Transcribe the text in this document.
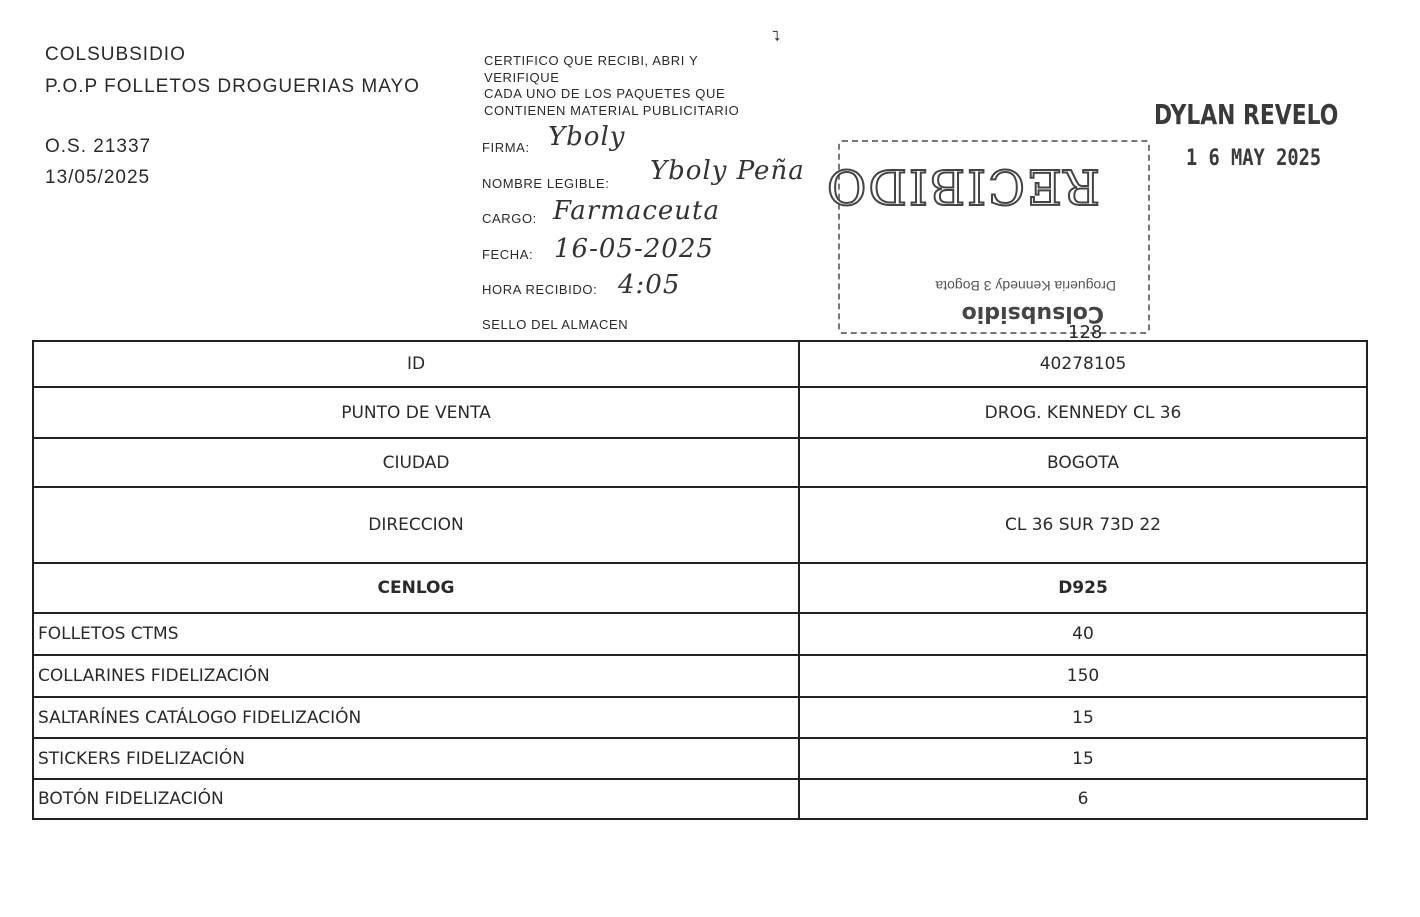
COLSUBSIDIO
P.O.P FOLLETOS DROGUERIAS MAYO
O.S. 21337
13/05/2025
CERTIFICO QUE RECIBI, ABRI Y
VERIFIQUE
CADA UNO DE LOS PAQUETES QUE
CONTIENEN MATERIAL PUBLICITARIO
FIRMA: Yboly
NOMBRE LEGIBLE: Yboly Peña
CARGO: Farmaceuta
FECHA: 16-05-2025
HORA RECIBIDO: 4:05
SELLO DEL ALMACEN	Colsubsidio
Drogueria Kennedy 3 Bogota
RECIBIDO
DYLAN REVELO
1 6 MAY 2025
128
⮧
ID	40278105
PUNTO DE VENTA	DROG. KENNEDY CL 36
CIUDAD	BOGOTA
DIRECCION	CL 36 SUR 73D 22
CENLOG	D925
FOLLETOS CTMS	40
COLLARINES FIDELIZACIÓN	150
SALTARÍNES CATÁLOGO FIDELIZACIÓN	15
STICKERS FIDELIZACIÓN	15
BOTÓN FIDELIZACIÓN	6
